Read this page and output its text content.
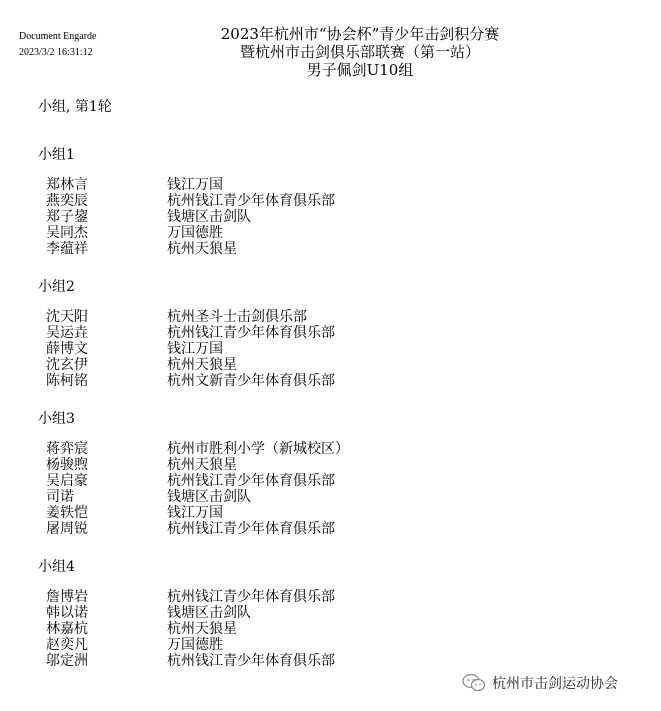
Document Engarde
2023/3/2 16:31:12
2023年杭州市“协会杯”青少年击剑积分赛
暨杭州市击剑俱乐部联赛（第一站）
男子佩剑U10组
小组, 第1轮
小组1
郑林言	钱江万国
燕奕辰	杭州钱江青少年体育俱乐部
郑子鋆	钱塘区击剑队
吴同杰	万国德胜
李蕴祥	杭州天狼星
小组2
沈天阳	杭州圣斗士击剑俱乐部
吴运垚	杭州钱江青少年体育俱乐部
薛博文	钱江万国
沈玄伊	杭州天狼星
陈柯铭	杭州文新青少年体育俱乐部
小组3
蒋弈宸	杭州市胜利小学（新城校区）
杨骏煦	杭州天狼星
吴启豪	杭州钱江青少年体育俱乐部
司诺	钱塘区击剑队
姜轶恺	钱江万国
屠周锐	杭州钱江青少年体育俱乐部
小组4
詹博岩	杭州钱江青少年体育俱乐部
韩以诺	钱塘区击剑队
林嘉杭	杭州天狼星
赵奕凡	万国德胜
邬定洲	杭州钱江青少年体育俱乐部
杭州市击剑运动协会
